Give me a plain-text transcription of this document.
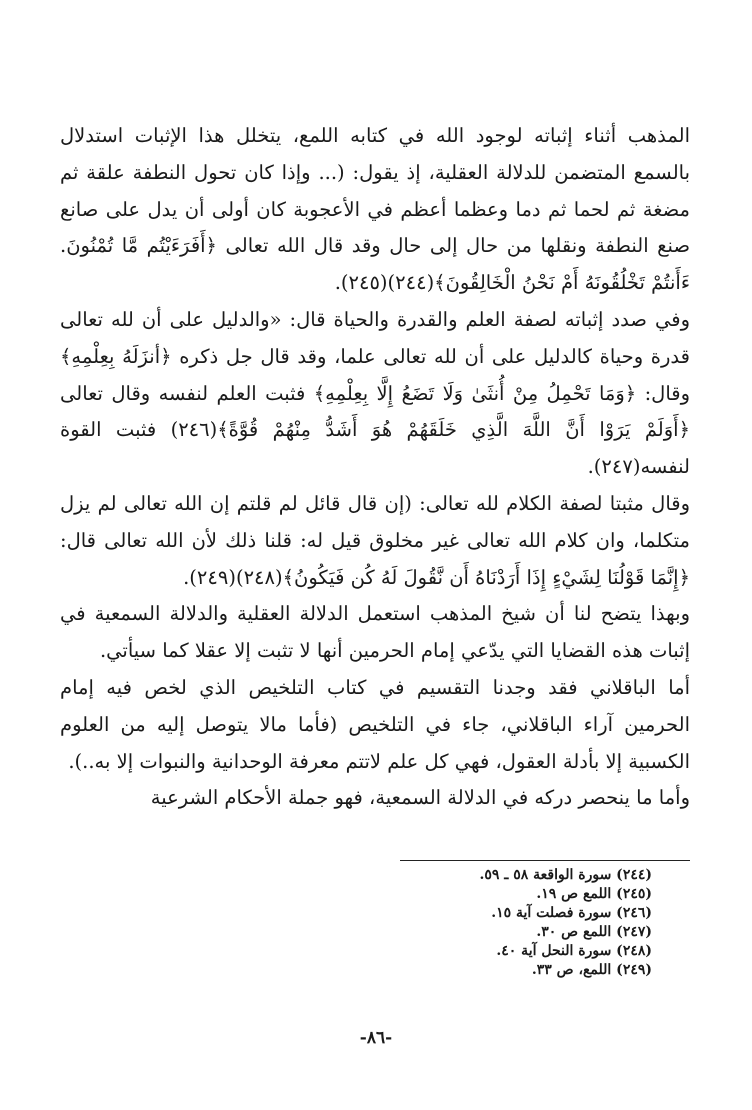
المذهب أثناء إثباته لوجود الله في كتابه اللمع، يتخلل هذا الإثبات استدلال بالسمع المتضمن للدلالة العقلية، إذ يقول: (... وإذا كان تحول النطفة علقة ثم مضغة ثم لحما ثم دما وعظما أعظم في الأعجوبة كان أولى أن يدل على صانع صنع النطفة ونقلها من حال إلى حال وقد قال الله تعالى ﴿أَفَرَءَيْتُم مَّا تُمْنُونَ. ءَأَنتُمْ تَخْلُقُونَهُ أَمْ نَحْنُ الْخَالِقُونَ﴾(٢٤٤)(٢٤٥).

وفي صدد إثباته لصفة العلم والقدرة والحياة قال: «والدليل على أن لله تعالى قدرة وحياة كالدليل على أن لله تعالى علما، وقد قال جل ذكره ﴿أنزَلَهُ بِعِلْمِهِ﴾ وقال: ﴿وَمَا تَحْمِلُ مِنْ أُنثَىٰ وَلَا تَضَعُ إِلَّا بِعِلْمِهِ﴾ فثبت العلم لنفسه وقال تعالى ﴿أَوَلَمْ يَرَوْا أَنَّ اللَّهَ الَّذِي خَلَقَهُمْ هُوَ أَشَدُّ مِنْهُمْ قُوَّةً﴾(٢٤٦) فثبت القوة لنفسه(٢٤٧).

وقال مثبتا لصفة الكلام لله تعالى: (إن قال قائل لم قلتم إن الله تعالى لم يزل متكلما، وان كلام الله تعالى غير مخلوق قيل له: قلنا ذلك لأن الله تعالى قال: ﴿إِنَّمَا قَوْلُنَا لِشَيْءٍ إِذَا أَرَدْنَاهُ أَن نَّقُولَ لَهُ كُن فَيَكُونُ﴾(٢٤٨)(٢٤٩).

وبهذا يتضح لنا أن شيخ المذهب استعمل الدلالة العقلية والدلالة السمعية في إثبات هذه القضايا التي يدّعي إمام الحرمين أنها لا تثبت إلا عقلا كما سيأتي.

أما الباقلاني فقد وجدنا التقسيم في كتاب التلخيص الذي لخص فيه إمام الحرمين آراء الباقلاني، جاء في التلخيص (فأما مالا يتوصل إليه من العلوم الكسبية إلا بأدلة العقول، فهي كل علم لاتتم معرفة الوحدانية والنبوات إلا به..).

وأما ما ينحصر دركه في الدلالة السمعية، فهو جملة الأحكام الشرعية

(٢٤٤) سورة الواقعة ٥٨ ـ ٥٩.
(٢٤٥) اللمع ص ١٩.
(٢٤٦) سورة فصلت آية ١٥.
(٢٤٧) اللمع ص ٣٠.
(٢٤٨) سورة النحل آية ٤٠.
(٢٤٩) اللمع، ص ٣٣.
-٨٦-
